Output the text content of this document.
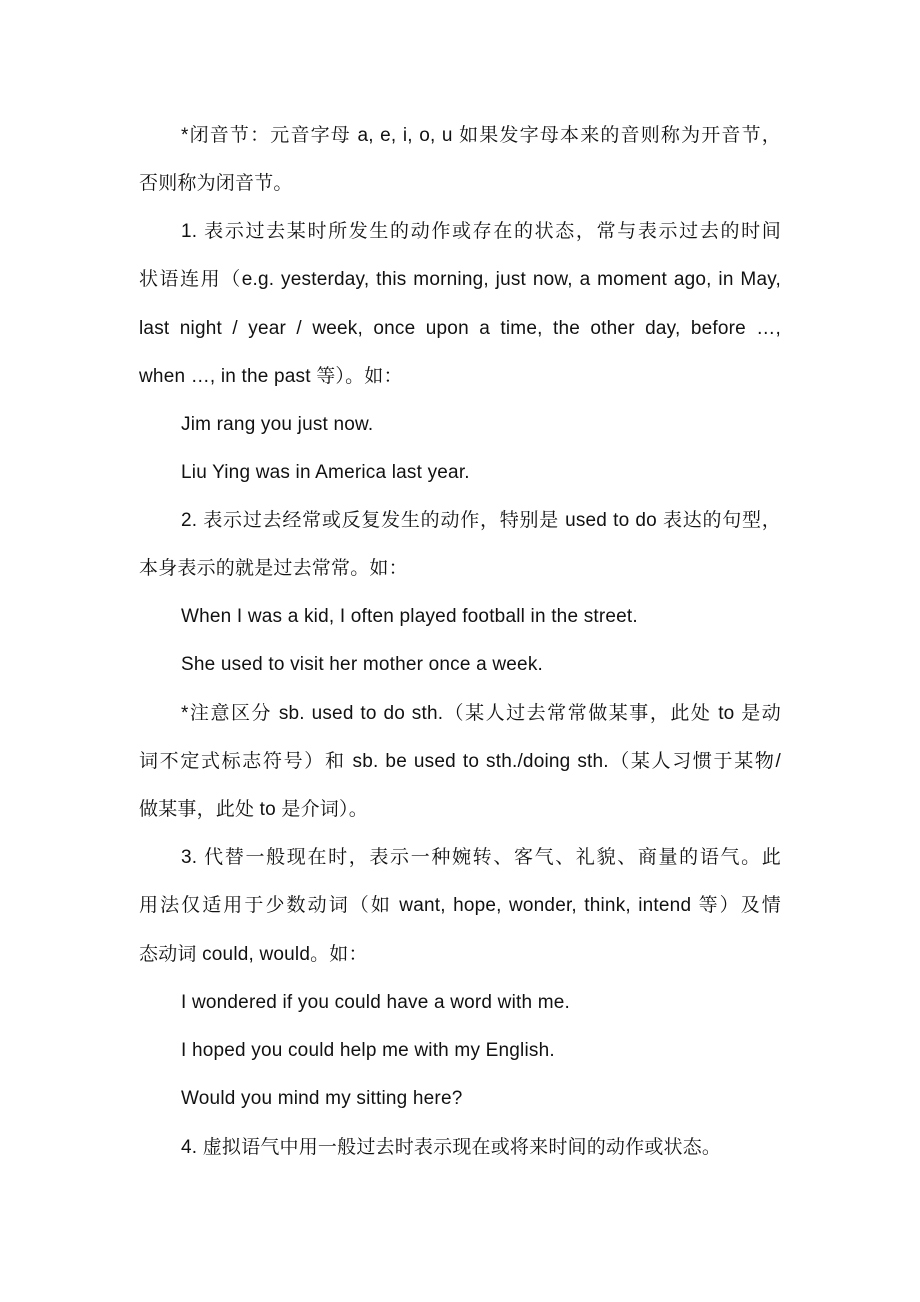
*闭音节：元音字母 a, e, i, o, u 如果发字母本来的音则称为开音节，
否则称为闭音节。
1. 表示过去某时所发生的动作或存在的状态，常与表示过去的时间
状语连用（e.g. yesterday, this morning, just now, a moment ago, in May,
last night / year / week, once upon a time, the other day, before …,
when …, in the past 等）。如：
Jim rang you just now.
Liu Ying was in America last year.
2. 表示过去经常或反复发生的动作，特别是 used to do 表达的句型，
本身表示的就是过去常常。如：
When I was a kid, I often played football in the street.
She used to visit her mother once a week.
*注意区分 sb. used to do sth.（某人过去常常做某事，此处 to 是动
词不定式标志符号）和 sb. be used to sth./doing sth.（某人习惯于某物/
做某事，此处 to 是介词）。
3. 代替一般现在时，表示一种婉转、客气、礼貌、商量的语气。此
用法仅适用于少数动词（如 want, hope, wonder, think, intend 等）及情
态动词 could, would。如：
I wondered if you could have a word with me.
I hoped you could help me with my English.
Would you mind my sitting here?
4. 虚拟语气中用一般过去时表示现在或将来时间的动作或状态。
